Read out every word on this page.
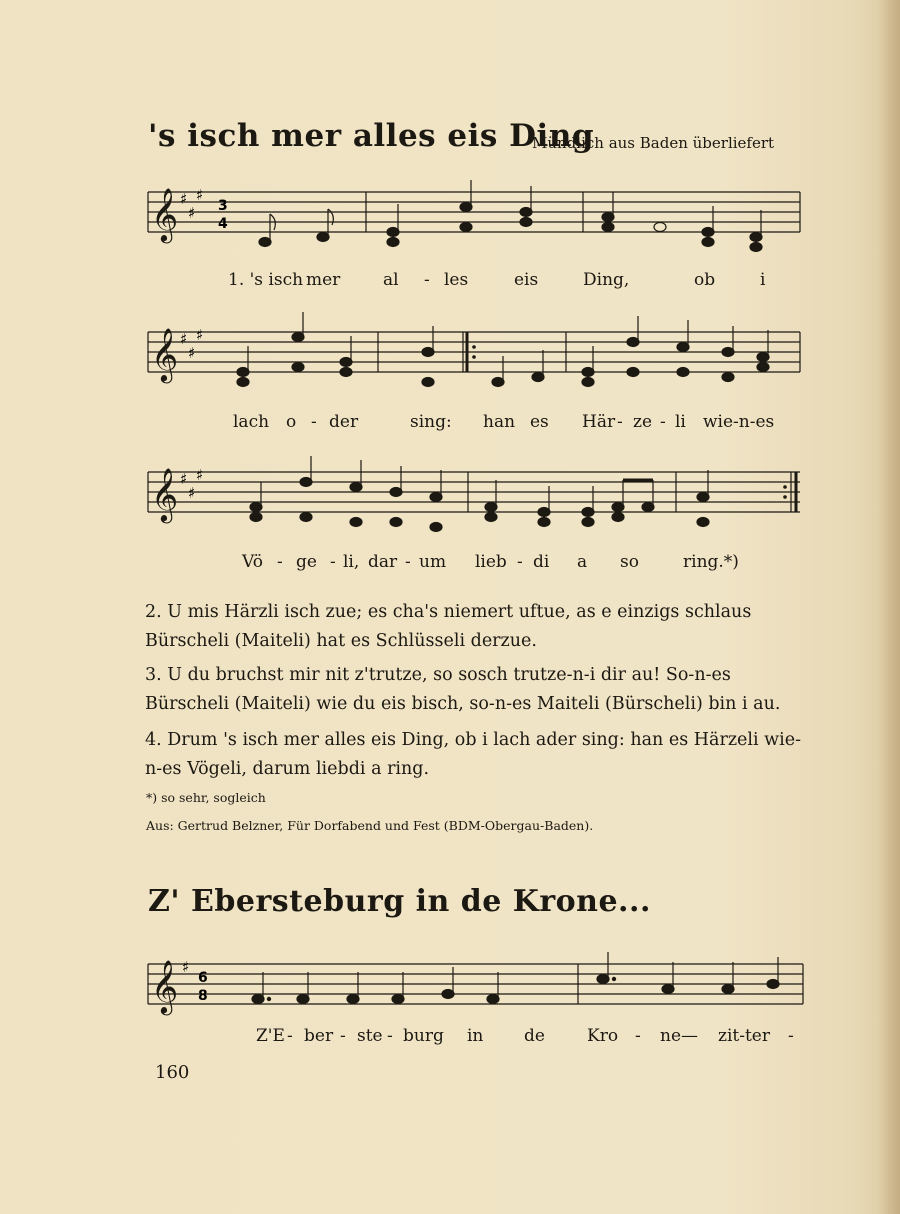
's isch mer alles eis Ding
Mündlich aus Baden überliefert
𝄞 ♯
♯
♯
3
4
1. 's isch mer	al - les	eis	Ding,	ob	i
𝄞 ♯
♯
♯
lach o - der	sing: han es Här - ze - li wie-n-es
𝄞 ♯
♯
♯
Vö - ge - li, dar - um lieb - di a so	ring.*)
2. U mis Härzli isch zue; es cha's niemert uftue, as e einzigs schlaus Bürscheli (Maiteli) hat es Schlüsseli derzue.
3. U du bruchst mir nit z'trutze, so sosch trutze-n-i dir au! So-n-es Bürscheli (Maiteli) wie du eis bisch, so-n-es Maiteli (Bürscheli) bin i au.
4. Drum 's isch mer alles eis Ding, ob i lach ader sing: han es Härzeli wie-n-es Vögeli, darum liebdi a ring.
*) so sehr, sogleich
Aus: Gertrud Belzner, Für Dorfabend und Fest (BDM-Obergau-Baden).
Z' Ebersteburg in de Krone...
𝄞 ♯
6
8
Z'E - ber - ste - burg in de Kro - ne— zit-ter -
160
